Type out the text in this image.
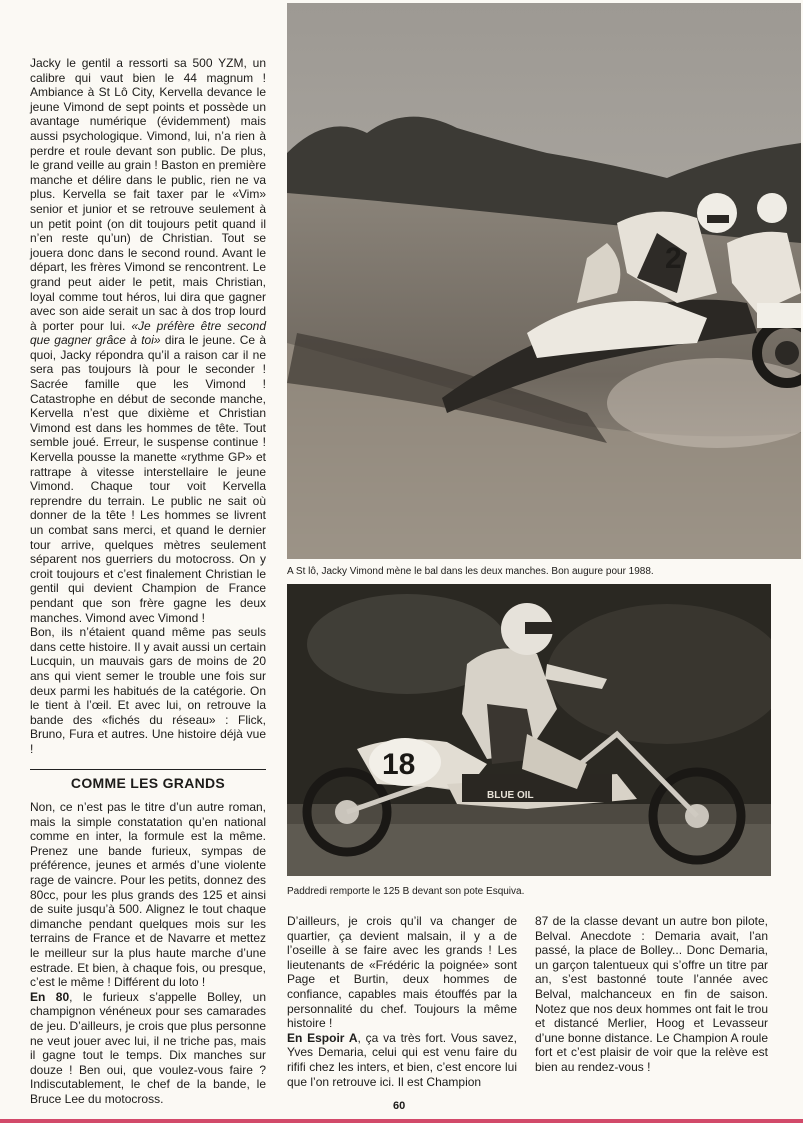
Jacky le gentil a ressorti sa 500 YZM, un calibre qui vaut bien le 44 magnum ! Ambiance à St Lô City, Kervella devance le jeune Vimond de sept points et possède un avantage numérique (évidemment) mais aussi psychologique. Vimond, lui, n’a rien à perdre et roule devant son public. De plus, le grand veille au grain ! Baston en première manche et délire dans le public, rien ne va plus. Kervella se fait taxer par le «Vim» senior et junior et se retrouve seulement à un petit point (on dit toujours petit quand il n’en reste qu’un) de Christian. Tout se jouera donc dans le second round. Avant le départ, les frères Vimond se rencontrent. Le grand peut aider le petit, mais Christian, loyal comme tout héros, lui dira que gagner avec son aide serait un sac à dos trop lourd à porter pour lui. «Je préfère être second que gagner grâce à toi» dira le jeune. Ce à quoi, Jacky répondra qu’il a raison car il ne sera pas toujours là pour le seconder ! Sacrée famille que les Vimond ! Catastrophe en début de seconde manche, Kervella n’est que dixième et Christian Vimond est dans les hommes de tête. Tout semble joué. Erreur, le suspense continue ! Kervella pousse la manette «rythme GP» et rattrape à vitesse interstellaire le jeune Vimond. Chaque tour voit Kervella reprendre du terrain. Le public ne sait où donner de la tête ! Les hommes se livrent un combat sans merci, et quand le dernier tour arrive, quelques mètres seulement séparent nos guerriers du motocross. On y croit toujours et c’est finalement Christian le gentil qui devient Champion de France pendant que son frère gagne les deux manches. Vimond avec Vimond !

Bon, ils n’étaient quand même pas seuls dans cette histoire. Il y avait aussi un certain Lucquin, un mauvais gars de moins de 20 ans qui vient semer le trouble une fois sur deux parmi les habitués de la catégorie. On le tient à l’œil. Et avec lui, on retrouve la bande des «fichés du réseau» : Flick, Bruno, Fura et autres. Une histoire déjà vue !

COMME LES GRANDS

Non, ce n’est pas le titre d’un autre roman, mais la simple constatation qu’en national comme en inter, la formule est la même. Prenez une bande furieux, sympas de préférence, jeunes et armés d’une violente rage de vaincre. Pour les petits, donnez des 80cc, pour les plus grands des 125 et ainsi de suite jusqu’à 500. Alignez le tout chaque dimanche pendant quelques mois sur les terrains de France et de Navarre et mettez le meilleur sur la plus haute marche d’une estrade. Et bien, à chaque fois, ou presque, c’est le même ! Différent du loto !

En 80, le furieux s’appelle Bolley, un champignon vénéneux pour ses camarades de jeu. D’ailleurs, je crois que plus personne ne veut jouer avec lui, il ne triche pas, mais il gagne tout le temps. Dix manches sur douze ! Ben oui, que voulez-vous faire ? Indiscutablement, le chef de la bande, le Bruce Lee du motocross.

2
A St lô, Jacky Vimond mène le bal dans les deux manches. Bon augure pour 1988.
BLUE OIL
18
Paddredi remporte le 125 B devant son pote Esquiva.

D’ailleurs, je crois qu’il va changer de quartier, ça devient malsain, il y a de l’oseille à se faire avec les grands ! Les lieutenants de «Frédéric la poignée» sont Page et Burtin, deux hommes de confiance, capables mais étouffés par la personnalité du chef. Toujours la même histoire !

En Espoir A, ça va très fort. Vous savez, Yves Demaria, celui qui est venu faire du rififi chez les inters, et bien, c’est encore lui que l’on retrouve ici. Il est Champion

87 de la classe devant un autre bon pilote, Belval. Anecdote : Demaria avait, l’an passé, la place de Bolley... Donc Demaria, un garçon talentueux qui s’offre un titre par an, s’est bastonné toute l’année avec Belval, malchanceux en fin de saison. Notez que nos deux hommes ont fait le trou et distancé Merlier, Hoog et Levasseur d’une bonne distance. Le Champion A roule fort et c’est plaisir de voir que la relève est bien au rendez-vous !

60
